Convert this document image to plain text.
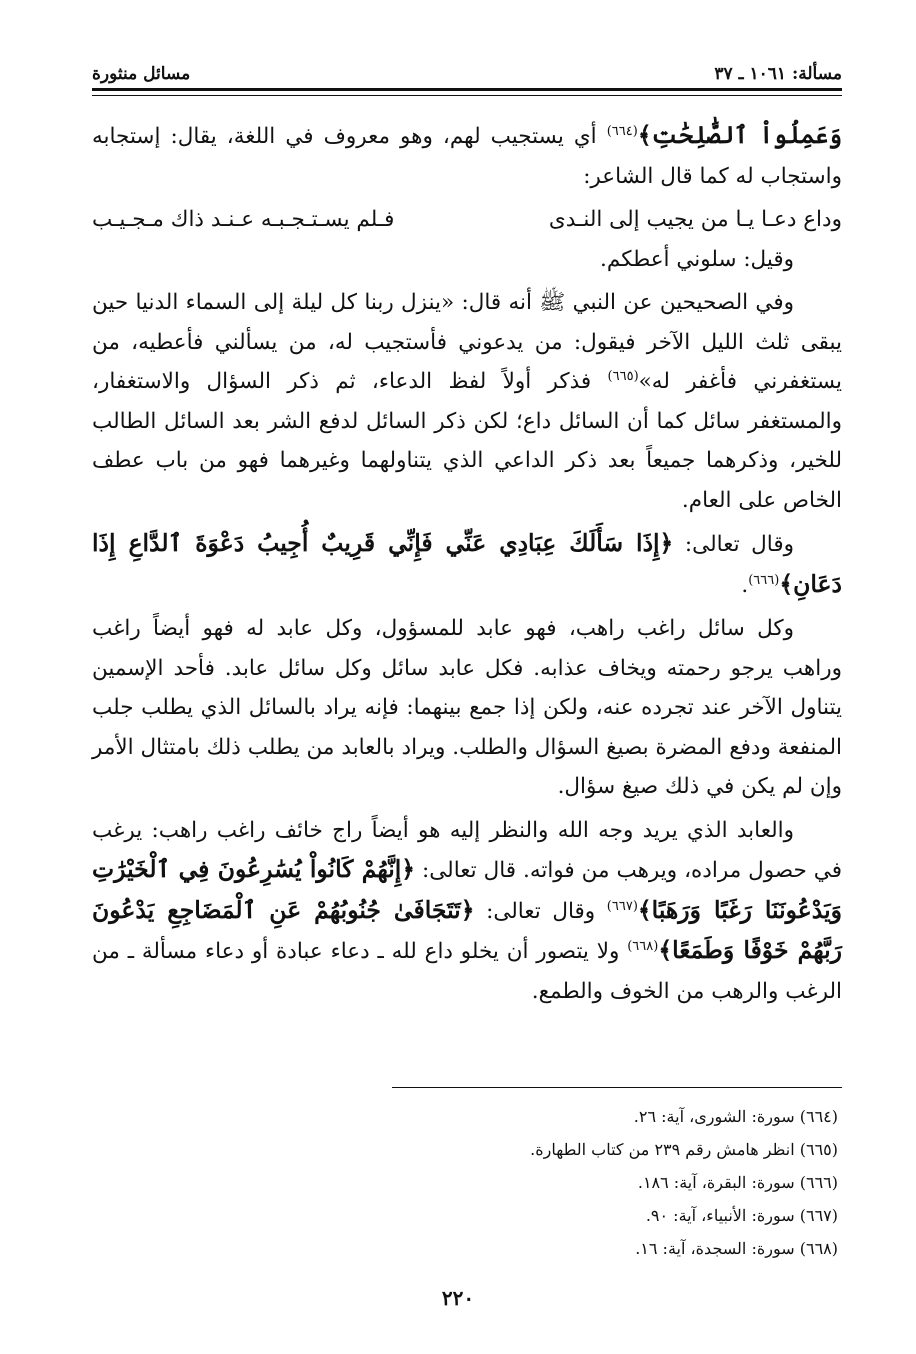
مسألة: ١٠٦١ ـ ٣٧
مسائل منثورة

وَعَمِلُواْ ٱلصَّٰلِحَٰتِ﴾$^{(٦٦٤)}$ أي يستجيب لهم، وهو معروف في اللغة، يقال: إستجابه واستجاب له كما قال الشاعر:

وداع دعـا يـا من يجيب إلى النـدى
فـلم يسـتـجـبـه عـنـد ذاك مـجـيـب

وقيل: سلوني أعطكم.

وفي الصحيحين عن النبي ﷺ أنه قال: «ينزل ربنا كل ليلة إلى السماء الدنيا حين يبقى ثلث الليل الآخر فيقول: من يدعوني فأستجيب له، من يسألني فأعطيه، من يستغفرني فأغفر له»$^{(٦٦٥)}$ فذكر أولاً لفظ الدعاء، ثم ذكر السؤال والاستغفار، والمستغفر سائل كما أن السائل داع؛ لكن ذكر السائل لدفع الشر بعد السائل الطالب للخير، وذكرهما جميعاً بعد ذكر الداعي الذي يتناولهما وغيرهما فهو من باب عطف الخاص على العام.

وقال تعالى: ﴿إِذَا سَأَلَكَ عِبَادِي عَنِّي فَإِنِّي قَرِيبٌ أُجِيبُ دَعْوَةَ ٱلدَّاعِ إِذَا دَعَانِ﴾$^{(٦٦٦)}$.

وكل سائل راغب راهب، فهو عابد للمسؤول، وكل عابد له فهو أيضاً راغب وراهب يرجو رحمته ويخاف عذابه. فكل عابد سائل وكل سائل عابد. فأحد الإسمين يتناول الآخر عند تجرده عنه، ولكن إذا جمع بينهما: فإنه يراد بالسائل الذي يطلب جلب المنفعة ودفع المضرة بصيغ السؤال والطلب. ويراد بالعابد من يطلب ذلك بامتثال الأمر وإن لم يكن في ذلك صيغ سؤال.

والعابد الذي يريد وجه الله والنظر إليه هو أيضاً راج خائف راغب راهب: يرغب في حصول مراده، ويرهب من فواته. قال تعالى: ﴿إِنَّهُمْ كَانُواْ يُسَٰرِعُونَ فِي ٱلْخَيْرَٰتِ وَيَدْعُونَنَا رَغَبًا وَرَهَبًا﴾$^{(٦٦٧)}$ وقال تعالى: ﴿تَتَجَافَىٰ جُنُوبُهُمْ عَنِ ٱلْمَضَاجِعِ يَدْعُونَ رَبَّهُمْ خَوْفًا وَطَمَعًا﴾$^{(٦٦٨)}$ ولا يتصور أن يخلو داع لله ـ دعاء عبادة أو دعاء مسألة ـ من الرغب والرهب من الخوف والطمع.

(٦٦٤) سورة: الشورى، آية: ٢٦.
(٦٦٥) انظر هامش رقم ٢٣٩ من كتاب الطهارة.
(٦٦٦) سورة: البقرة، آية: ١٨٦.
(٦٦٧) سورة: الأنبياء، آية: ٩٠.
(٦٦٨) سورة: السجدة، آية: ١٦.
٢٢٠
